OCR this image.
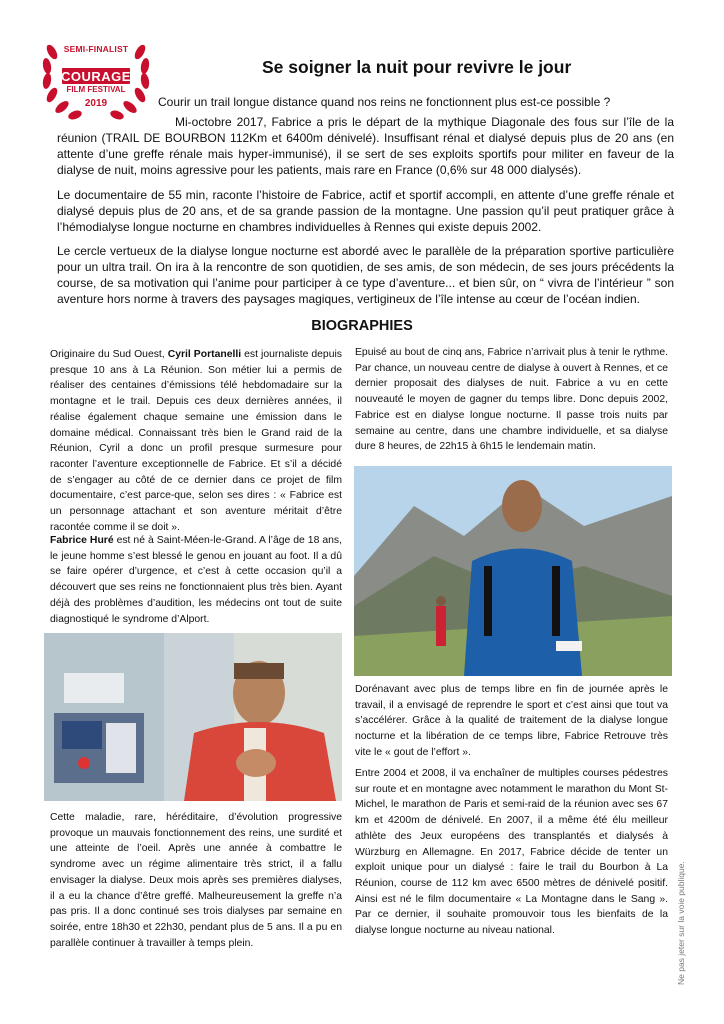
SEMI-FINALIST
COURAGE
FILM FESTIVAL
2019
Se soigner la nuit pour revivre le jour
Courir un trail longue distance quand nos reins ne fonctionnent plus est-ce possible ?

Mi-octobre 2017, Fabrice a pris le départ de la mythique Diagonale des fous sur l’île de la réunion (TRAIL DE BOURBON 112Km et 6400m dénivelé). Insuffisant rénal et dialysé depuis plus de 20 ans (en attente d’une greffe rénale mais hyper-immunisé), il se sert de ses exploits sportifs pour militer en faveur de la dialyse de nuit, moins agressive pour les patients, mais rare en France (0,6% sur 48 000 dialysés).

Le documentaire de 55 min, raconte l’histoire de Fabrice, actif et sportif accompli, en attente d’une greffe rénale et dialysé depuis plus de 20 ans, et de sa grande passion de la montagne. Une passion qu’il peut pratiquer grâce à l’hémodialyse longue nocturne en chambres individuelles à Rennes qui existe depuis 2002.

Le cercle vertueux de la dialyse longue nocturne est abordé avec le parallèle de la préparation sportive particulière pour un ultra trail. On ira à la rencontre de son quotidien, de ses amis, de son médecin, de ses jours précédents la course, de sa motivation qui l’anime pour participer à ce type d’aventure... et bien sûr, on “ vivra de l’intérieur ” son aventure hors norme à travers des paysages magiques, vertigineux de l’île intense au cœur de l’océan indien.

BIOGRAPHIES

Originaire du Sud Ouest, Cyril Portanelli est journaliste depuis presque 10 ans à La Réunion. Son métier lui a permis de réaliser des centaines d’émissions télé hebdomadaire sur la montagne et le trail. Depuis ces deux dernières années, il réalise également chaque semaine une émission dans le domaine médical. Connaissant très bien le Grand raid de la Réunion, Cyril a donc un profil presque surmesure pour raconter l’aventure exceptionnelle de Fabrice. Et s’il a décidé de s’engager au côté de ce dernier dans ce projet de film documentaire, c’est parce-que, selon ses dires : « Fabrice est un personnage attachant et son aventure méritait d’être racontée comme il se doit ».

Fabrice Huré est né à Saint-Méen-le-Grand. A l’âge de 18 ans, le jeune homme s’est blessé le genou en jouant au foot. Il a dû se faire opérer d’urgence, et c’est à cette occasion qu’il a découvert que ses reins ne fonctionnaient plus très bien. Ayant déjà des problèmes d’audition, les médecins ont tout de suite diagnostiqué le syndrome d’Alport.

Cette maladie, rare, héréditaire, d’évolution progressive provoque un mauvais fonctionnement des reins, une surdité et une atteinte de l’oeil. Après une année à combattre le syndrome avec un régime alimentaire très strict, il a fallu envisager la dialyse. Deux mois après ses premières dialyses, il a eu la chance d’être greffé. Malheureusement la greffe n’a pas pris. Il a donc continué ses trois dialyses par semaine en soirée, entre 18h30 et 22h30, pendant plus de 5 ans. Il a pu en parallèle continuer à travailler à temps plein.

Epuisé au bout de cinq ans, Fabrice n’arrivait plus à tenir le rythme. Par chance, un nouveau centre de dialyse à ouvert à Rennes, et ce dernier proposait des dialyses de nuit. Fabrice a vu en cette nouveauté le moyen de gagner du temps libre. Donc depuis 2002, Fabrice est en dialyse longue nocturne. Il passe trois nuits par semaine au centre, dans une chambre individuelle, et sa dialyse dure 8 heures, de 22h15 à 6h15 le lendemain matin.

Dorénavant avec plus de temps libre en fin de journée après le travail, il a envisagé de reprendre le sport et c’est ainsi que tout va s’accélérer. Grâce à la qualité de traitement de la dialyse longue nocturne et la libération de ce temps libre, Fabrice Retrouve très vite le « gout de l’effort ».

Entre 2004 et 2008, il va enchaîner de multiples courses pédestres sur route et en montagne avec notamment le marathon du Mont St-Michel, le marathon de Paris et semi-raid de la réunion avec ses 67 km et 4200m de dénivelé. En 2007, il a même été élu meilleur athlète des Jeux européens des transplantés et dialysés à Würzburg en Allemagne. En 2017, Fabrice décide de tenter un exploit unique pour un dialysé : faire le trail du Bourbon à La Réunion, course de 112 km avec 6500 mètres de dénivelé positif. Ainsi est né le film documentaire « La Montagne dans le Sang ». Par ce dernier, il souhaite promouvoir tous les bienfaits de la dialyse longue nocturne au niveau national.	Ne pas jeter sur la voie publique.
